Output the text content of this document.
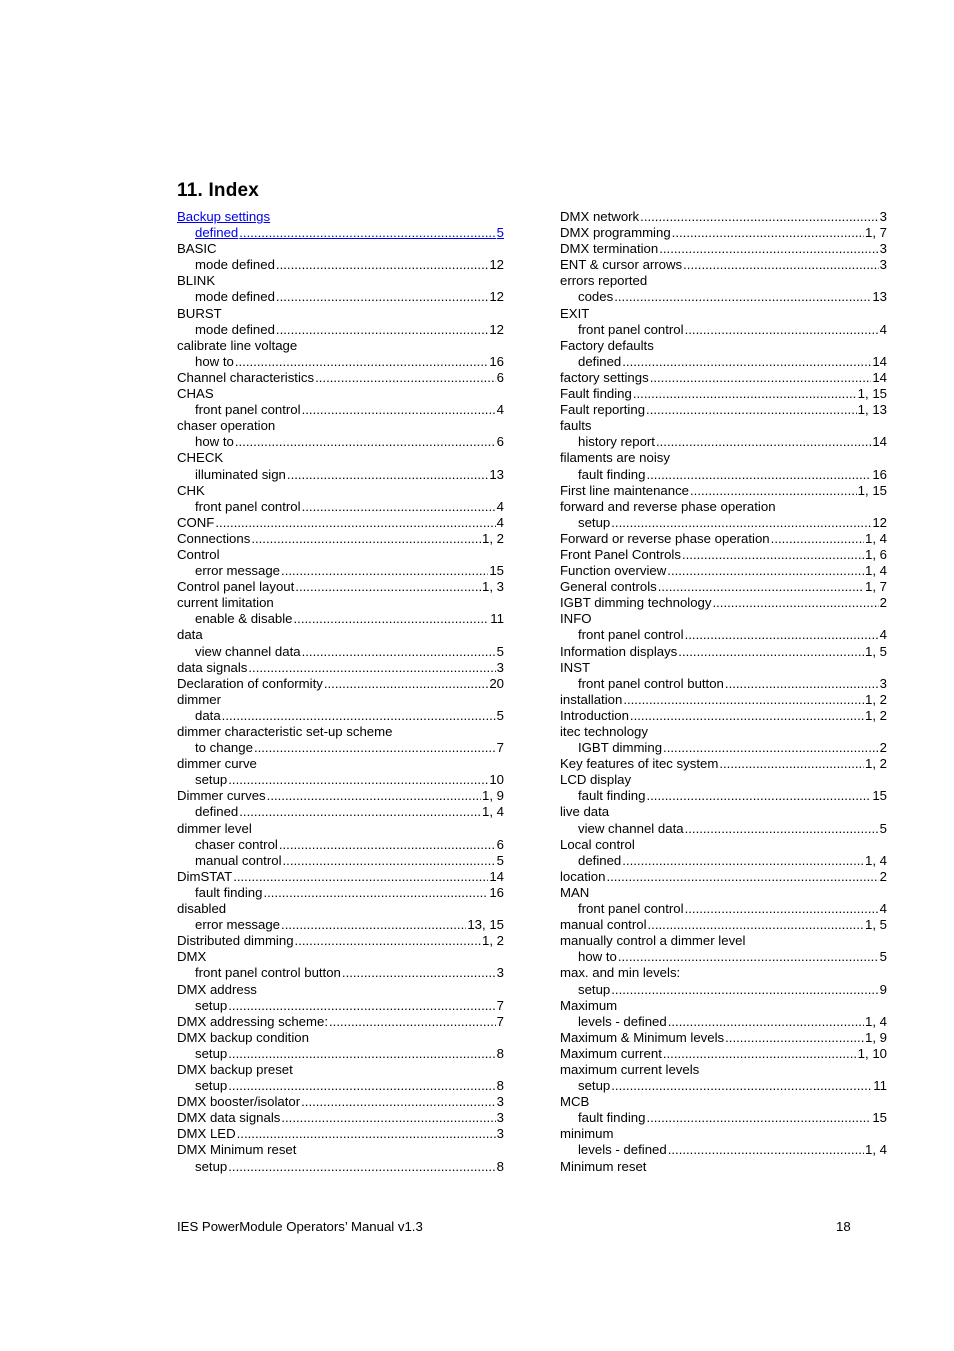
11. Index
Backup settings
defined .....	5
BASIC
mode defined .....	12
BLINK
mode defined .....	12
BURST
mode defined .....	12
calibrate line voltage
how to .....	16
Channel characteristics .....	6
CHAS
front panel control .....	4
chaser operation
how to .....	6
CHECK
illuminated sign .....	13
CHK
front panel control .....	4
CONF .....	4
Connections .....	1, 2
Control
error message .....	15
Control panel layout .....	1, 3
current limitation
enable & disable .....	11
data
view channel data .....	5
data signals .....	3
Declaration of conformity .....	20
dimmer
data .....	5
dimmer characteristic set-up scheme
to change .....	7
dimmer curve
setup .....	10
Dimmer curves .....	1, 9
defined .....	1, 4
dimmer level
chaser control .....	6
manual control .....	5
DimSTAT .....	14
fault finding .....	16
disabled
error message .....	13, 15
Distributed dimming .....	1, 2
DMX
front panel control button .....	3
DMX address
setup .....	7
DMX addressing scheme: .....	7
DMX backup condition
setup .....	8
DMX backup preset
setup .....	8
DMX booster/isolator .....	3
DMX data signals .....	3
DMX LED .....	3
DMX Minimum reset
setup .....	8
DMX network .....	3
DMX programming .....	1, 7
DMX termination .....	3
ENT & cursor arrows .....	3
errors reported
codes .....	13
EXIT
front panel control .....	4
Factory defaults
defined .....	14
factory settings .....	14
Fault finding .....	1, 15
Fault reporting .....	1, 13
faults
history report .....	14
filaments are noisy
fault finding .....	16
First line maintenance .....	1, 15
forward and reverse phase operation
setup .....	12
Forward or reverse phase operation .....	1, 4
Front Panel Controls .....	1, 6
Function overview .....	1, 4
General controls .....	1, 7
IGBT dimming technology .....	2
INFO
front panel control .....	4
Information displays .....	1, 5
INST
front panel control button .....	3
installation .....	1, 2
Introduction .....	1, 2
itec technology
IGBT dimming .....	2
Key features of itec system .....	1, 2
LCD display
fault finding .....	15
live data
view channel data .....	5
Local control
defined .....	1, 4
location .....	2
MAN
front panel control .....	4
manual control .....	1, 5
manually control a dimmer level
how to .....	5
max. and min levels:
setup .....	9
Maximum
levels - defined .....	1, 4
Maximum & Minimum levels .....	1, 9
Maximum current .....	1, 10
maximum current levels
setup .....	11
MCB
fault finding .....	15
minimum
levels - defined .....	1, 4
Minimum reset
IES PowerModule Operators’ Manual v1.3	18
